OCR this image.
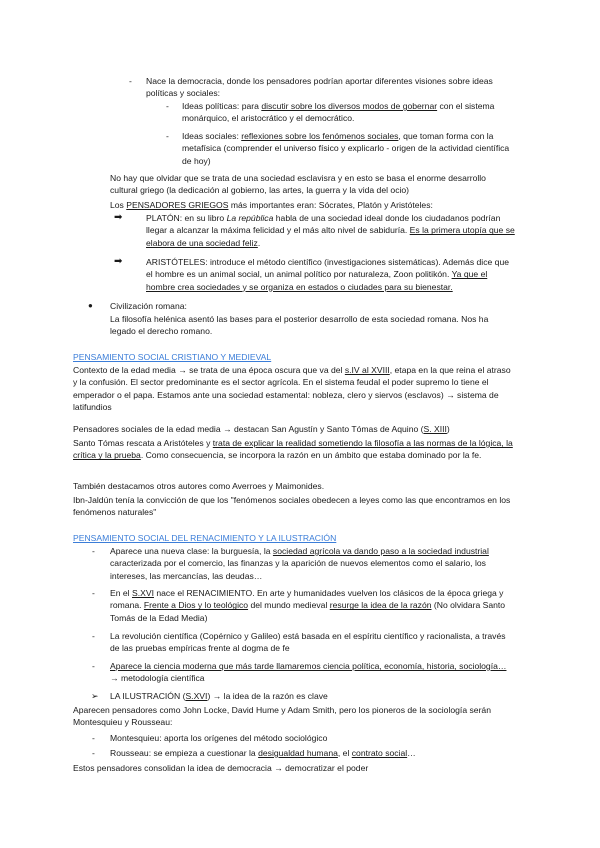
- Nace la democracia, donde los pensadores podrían aportar diferentes visiones sobre ideas políticas y sociales:
- Ideas políticas: para discutir sobre los diversos modos de gobernar con el sistema monárquico, el aristocrático y el democrático.
- Ideas sociales: reflexiones sobre los fenómenos sociales, que toman forma con la metafísica (comprender el universo físico y explicarlo - origen de la actividad científica de hoy)
No hay que olvidar que se trata de una sociedad esclavisra y en esto se basa el enorme desarrollo cultural griego (la dedicación al gobierno, las artes, la guerra y la vida del ocio)
Los PENSADORES GRIEGOS más importantes eran: Sócrates, Platón y Aristóteles:
➡	PLATÓN: en su libro La república habla de una sociedad ideal donde los ciudadanos podrían llegar a alcanzar la máxima felicidad y el más alto nivel de sabiduría. Es la primera utopía que se elabora de una sociedad feliz.
➡	ARISTÓTELES: introduce el método científico (investigaciones sistemáticas). Además dice que el hombre es un animal social, un animal político por naturaleza, Zoon politikón. Ya que el hombre crea sociedades y se organiza en estados o ciudades para su bienestar.
● Civilización romana:
La filosofía helénica asentó las bases para el posterior desarrollo de esta sociedad romana. Nos ha legado el derecho romano.
PENSAMIENTO SOCIAL CRISTIANO Y MEDIEVAL
Contexto de la edad media → se trata de una época oscura que va del s.IV al XVIII, etapa en la que reina el atraso y la confusión. El sector predominante es el sector agrícola. En el sistema feudal el poder supremo lo tiene el emperador o el papa. Estamos ante una sociedad estamental: nobleza, clero y siervos (esclavos) → sistema de latifundios
Pensadores sociales de la edad media → destacan San Agustín y Santo Tómas de Aquino (S. XIII)
Santo Tómas rescata a Aristóteles y trata de explicar la realidad sometiendo la filosofía a las normas de la lógica, la crítica y la prueba. Como consecuencia, se incorpora la razón en un ámbito que estaba dominado por la fe.
También destacamos otros autores como Averroes y Maimonides.
Ibn-Jaldún tenía la convicción de que los "fenómenos sociales obedecen a leyes como las que encontramos en los fenómenos naturales"
PENSAMIENTO SOCIAL DEL RENACIMIENTO Y LA ILUSTRACIÓN
- Aparece una nueva clase: la burguesía, la sociedad agrícola va dando paso a la sociedad industrial caracterizada por el comercio, las finanzas y la aparición de nuevos elementos como el salario, los intereses, las mercancías, las deudas…
- En el S.XVI nace el RENACIMIENTO. En arte y humanidades vuelven los clásicos de la época griega y romana. Frente a Dios y lo teológico del mundo medieval resurge la idea de la razón (No olvidara Santo Tomás de la Edad Media)
- La revolución científica (Copérnico y Galileo) está basada en el espíritu científico y racionalista, a través de las pruebas empíricas frente al dogma de fe
- Aparece la ciencia moderna que más tarde llamaremos ciencia política, economía, historia, sociología… → metodología científica
➢ LA ILUSTRACIÓN (S.XVI) → la idea de la razón es clave
Aparecen pensadores como John Locke, David Hume y Adam Smith, pero los pioneros de la sociología serán Montesquieu y Rousseau:
- Montesquieu: aporta los orígenes del método sociológico
- Rousseau: se empieza a cuestionar la desigualdad humana, el contrato social…
Estos pensadores consolidan la idea de democracia → democratizar el poder
